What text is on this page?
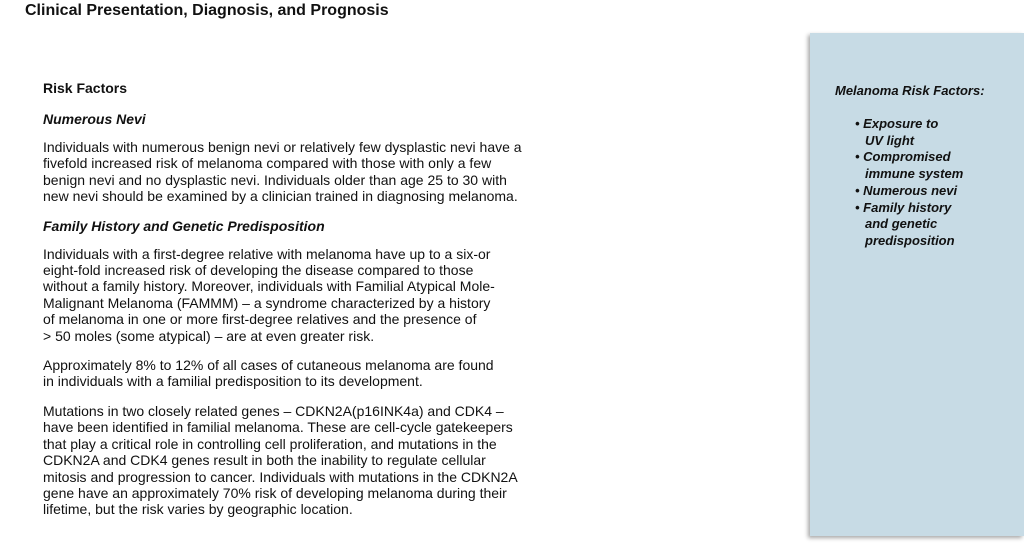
Clinical Presentation, Diagnosis, and Prognosis
Risk Factors
Numerous Nevi
Individuals with numerous benign nevi or relatively few dysplastic nevi have a
fivefold increased risk of melanoma compared with those with only a few
benign nevi and no dysplastic nevi. Individuals older than age 25 to 30 with
new nevi should be examined by a clinician trained in diagnosing melanoma.
Family History and Genetic Predisposition
Individuals with a first-degree relative with melanoma have up to a six-or
eight-fold increased risk of developing the disease compared to those
without a family history. Moreover, individuals with Familial Atypical Mole-
Malignant Melanoma (FAMMM) – a syndrome characterized by a history
of melanoma in one or more first-degree relatives and the presence of
> 50 moles (some atypical) – are at even greater risk.
Approximately 8% to 12% of all cases of cutaneous melanoma are found
in individuals with a familial predisposition to its development.
Mutations in two closely related genes – CDKN2A(p16INK4a) and CDK4 –
have been identified in familial melanoma. These are cell-cycle gatekeepers
that play a critical role in controlling cell proliferation, and mutations in the
CDKN2A and CDK4 genes result in both the inability to regulate cellular
mitosis and progression to cancer. Individuals with mutations in the CDKN2A
gene have an approximately 70% risk of developing melanoma during their
lifetime, but the risk varies by geographic location.
Melanoma Risk Factors:
• Exposure to
UV light
• Compromised
immune system
• Numerous nevi
• Family history
and genetic
predisposition
